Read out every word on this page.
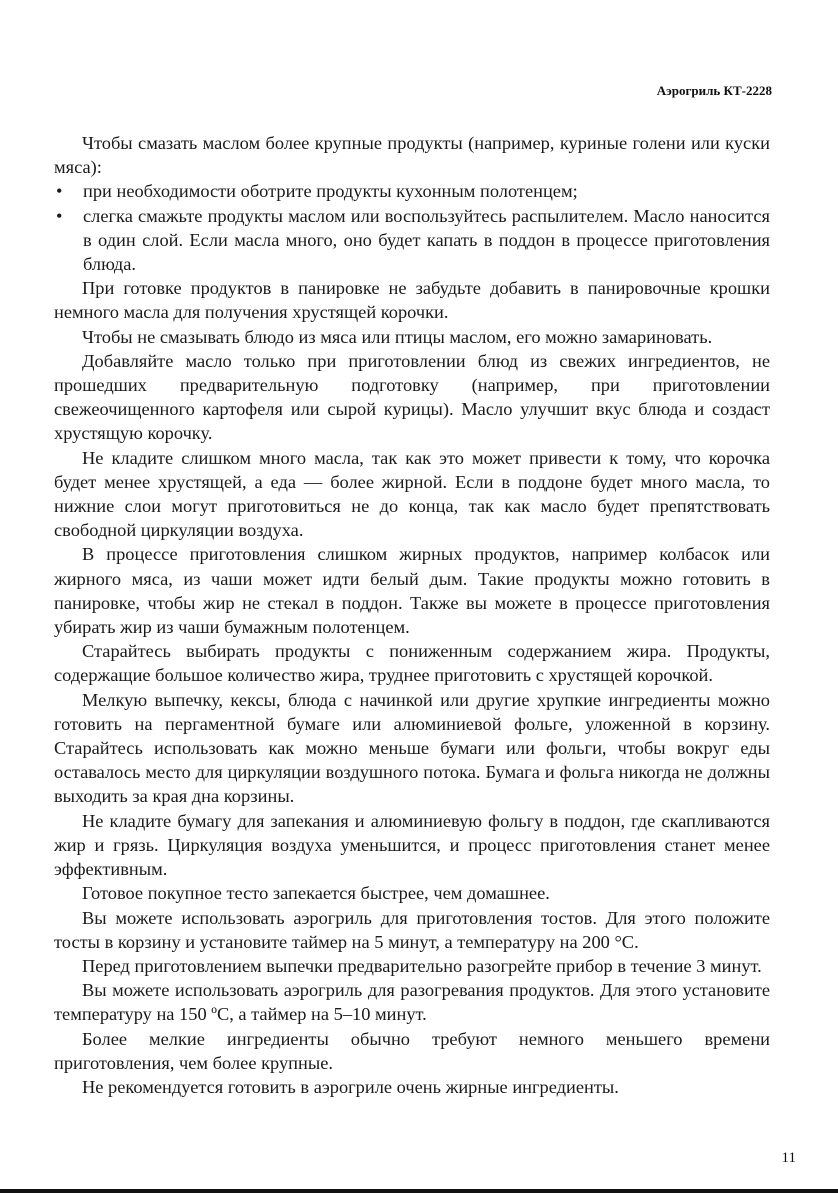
Аэрогриль КТ-2228

Чтобы смазать маслом более крупные продукты (например, куриные голени или куски мяса):

• при необходимости оботрите продукты кухонным полотенцем;
• слегка смажьте продукты маслом или воспользуйтесь распылителем. Масло наносится в один слой. Если масла много, оно будет капать в поддон в процессе приготовления блюда.

При готовке продуктов в панировке не забудьте добавить в панировочные крошки немного масла для получения хрустящей корочки.

Чтобы не смазывать блюдо из мяса или птицы маслом, его можно замариновать.

Добавляйте масло только при приготовлении блюд из свежих ингредиентов, не прошедших предварительную подготовку (например, при приготовлении свежеочищенного картофеля или сырой курицы). Масло улучшит вкус блюда и создаст хрустящую корочку.

Не кладите слишком много масла, так как это может привести к тому, что корочка будет менее хрустящей, а еда — более жирной. Если в поддоне будет много масла, то нижние слои могут приготовиться не до конца, так как масло будет препятствовать свободной циркуляции воздуха.

В процессе приготовления слишком жирных продуктов, например колбасок или жирного мяса, из чаши может идти белый дым. Такие продукты можно готовить в панировке, чтобы жир не стекал в поддон. Также вы можете в процессе приготовления убирать жир из чаши бумажным полотенцем.

Старайтесь выбирать продукты с пониженным содержанием жира. Продукты, содержащие большое количество жира, труднее приготовить с хрустящей корочкой.

Мелкую выпечку, кексы, блюда с начинкой или другие хрупкие ингредиенты можно готовить на пергаментной бумаге или алюминиевой фольге, уложенной в корзину. Старайтесь использовать как можно меньше бумаги или фольги, чтобы вокруг еды оставалось место для циркуляции воздушного потока. Бумага и фольга никогда не должны выходить за края дна корзины.

Не кладите бумагу для запекания и алюминиевую фольгу в поддон, где скапливаются жир и грязь. Циркуляция воздуха уменьшится, и процесс приготовления станет менее эффективным.

Готовое покупное тесто запекается быстрее, чем домашнее.

Вы можете использовать аэрогриль для приготовления тостов. Для этого положите тосты в корзину и установите таймер на 5 минут, а температуру на 200 °С.

Перед приготовлением выпечки предварительно разогрейте прибор в течение 3 минут.

Вы можете использовать аэрогриль для разогревания продуктов. Для этого установите температуру на 150 ºС, а таймер на 5–10 минут.

Более мелкие ингредиенты обычно требуют немного меньшего времени приготовления, чем более крупные.

Не рекомендуется готовить в аэрогриле очень жирные ингредиенты.

11
